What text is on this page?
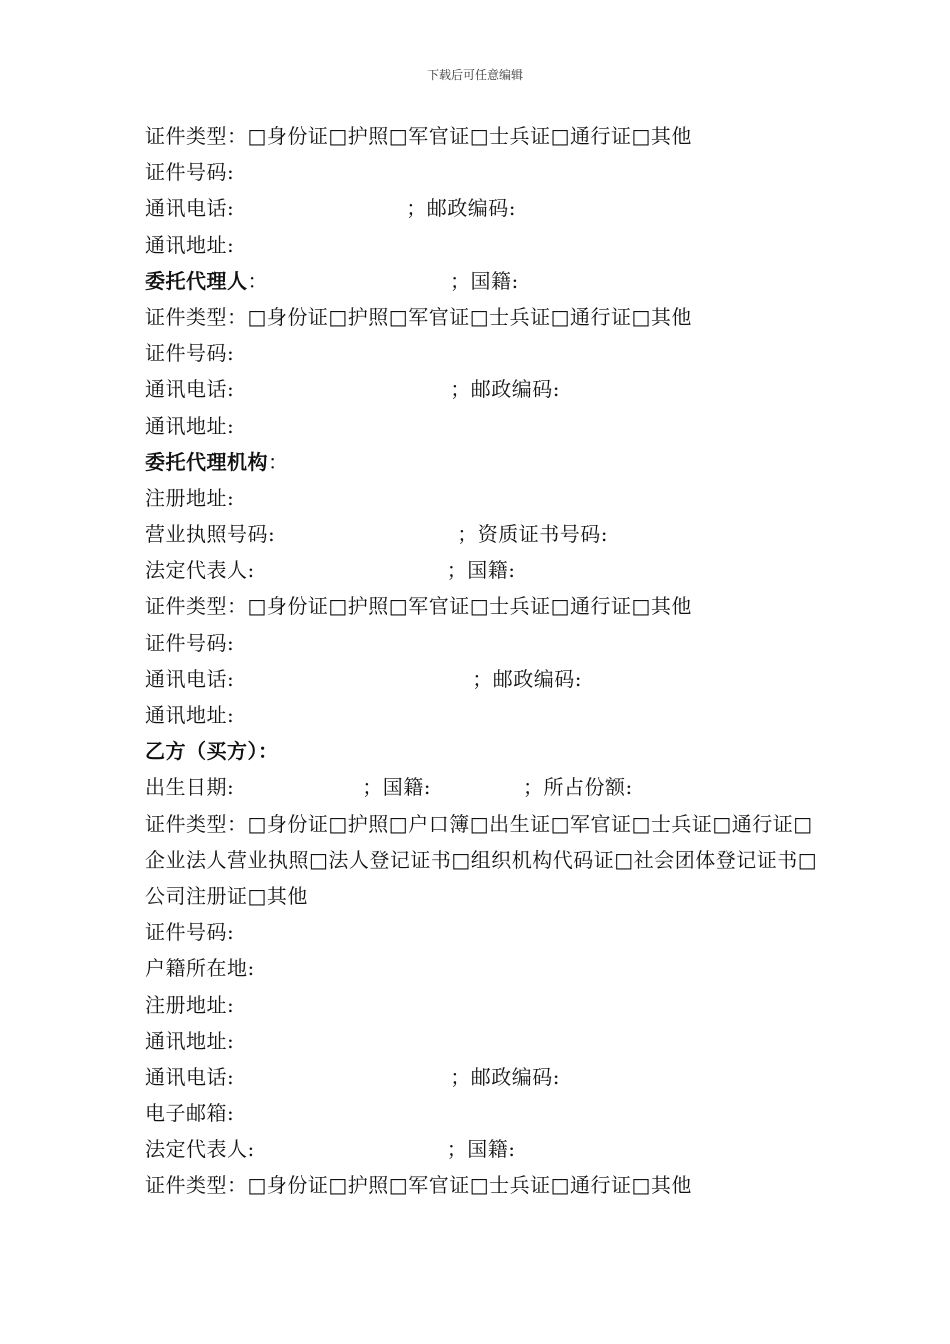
下载后可任意编辑
证件类型：□身份证□护照□军官证□士兵证□通行证□其他
证件号码:
通讯电话:	；邮政编码:
通讯地址:
委托代理人：	；国籍:
证件类型：□身份证□护照□军官证□士兵证□通行证□其他
证件号码:
通讯电话:	；邮政编码:
通讯地址:
委托代理机构：
注册地址:
营业执照号码:	；资质证书号码:
法定代表人:	；国籍:
证件类型：□身份证□护照□军官证□士兵证□通行证□其他
证件号码:
通讯电话:	；邮政编码:
通讯地址:
乙方（买方）：
出生日期:	；国籍:	；所占份额:
证件类型：□身份证□护照□户口簿□出生证□军官证□士兵证□通行证□企业法人营业执照□法人登记证书□组织机构代码证□社会团体登记证书□公司注册证□其他
证件号码:
户籍所在地:
注册地址:
通讯地址:
通讯电话:	；邮政编码:
电子邮箱:
法定代表人:	；国籍:
证件类型：□身份证□护照□军官证□士兵证□通行证□其他
